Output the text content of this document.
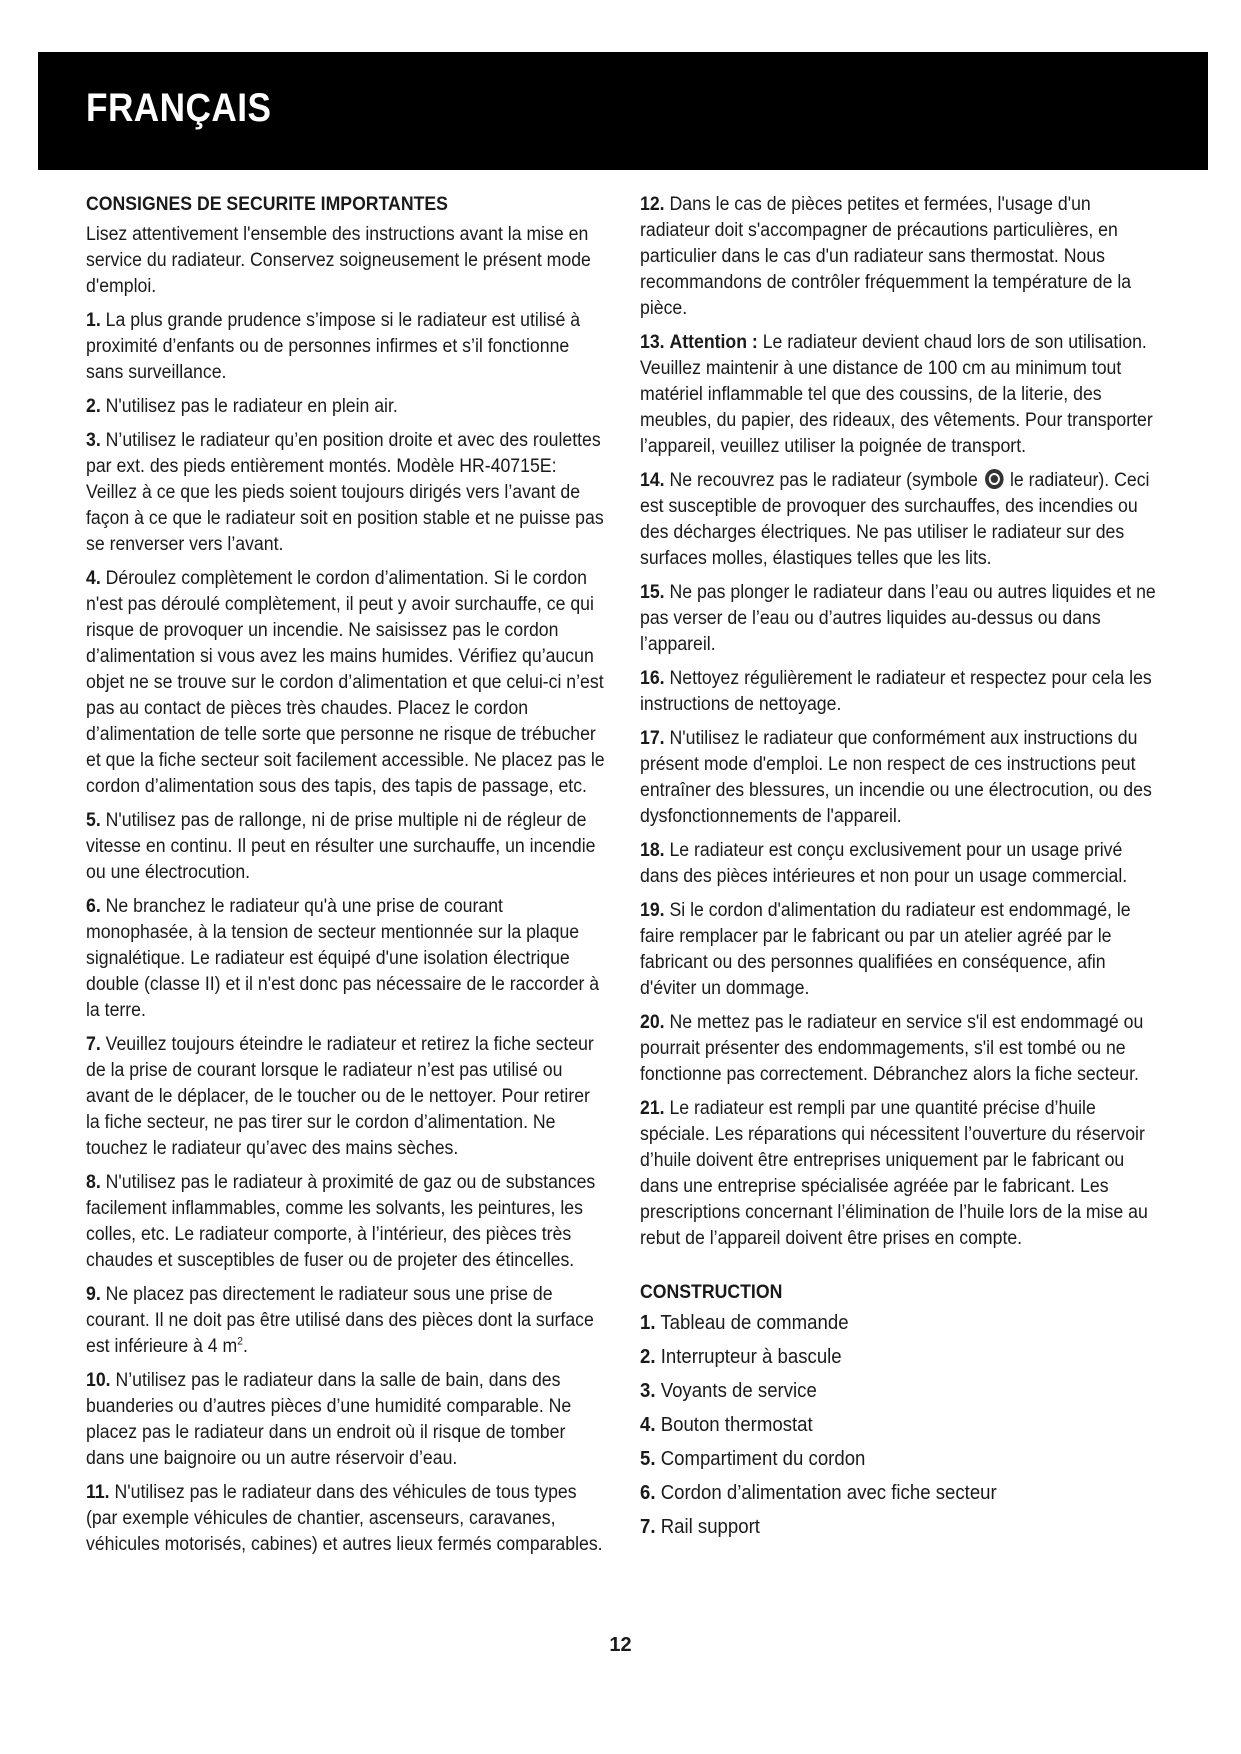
FRANÇAIS
CONSIGNES DE SECURITE IMPORTANTES

Lisez attentivement l'ensemble des instructions avant la mise en service du radiateur. Conservez soigneusement le présent mode d'emploi.

1. La plus grande prudence s’impose si le radiateur est utilisé à proximité d’enfants ou de personnes infirmes et s’il fonctionne sans surveillance.

2. N'utilisez pas le radiateur en plein air.

3. N’utilisez le radiateur qu’en position droite et avec des roulettes par ext. des pieds entièrement montés. Modèle HR-40715E: Veillez à ce que les pieds soient toujours dirigés vers l’avant de façon à ce que le radiateur soit en position stable et ne puisse pas se renverser vers l’avant.

4. Déroulez complètement le cordon d’alimentation. Si le cordon n'est pas déroulé complètement, il peut y avoir surchauffe, ce qui risque de provoquer un incendie. Ne saisissez pas le cordon d’alimentation si vous avez les mains humides. Vérifiez qu’aucun objet ne se trouve sur le cordon d’alimentation et que celui-ci n’est pas au contact de pièces très chaudes. Placez le cordon d’alimentation de telle sorte que personne ne risque de trébucher et que la fiche secteur soit facilement accessible. Ne placez pas le cordon d’alimentation sous des tapis, des tapis de passage, etc.

5. N'utilisez pas de rallonge, ni de prise multiple ni de régleur de vitesse en continu. Il peut en résulter une surchauffe, un incendie ou une électrocution.

6. Ne branchez le radiateur qu'à une prise de courant monophasée, à la tension de secteur mentionnée sur la plaque signalétique. Le radiateur est équipé d'une isolation électrique double (classe II) et il n'est donc pas nécessaire de le raccorder à la terre.

7. Veuillez toujours éteindre le radiateur et retirez la fiche secteur de la prise de courant lorsque le radiateur n’est pas utilisé ou avant de le déplacer, de le toucher ou de le nettoyer. Pour retirer la fiche secteur, ne pas tirer sur le cordon d’alimentation. Ne touchez le radiateur qu’avec des mains sèches.

8. N'utilisez pas le radiateur à proximité de gaz ou de substances facilement inflammables, comme les solvants, les peintures, les colles, etc. Le radiateur comporte, à l’intérieur, des pièces très chaudes et susceptibles de fuser ou de projeter des étincelles.

9. Ne placez pas directement le radiateur sous une prise de courant. Il ne doit pas être utilisé dans des pièces dont la surface est inférieure à 4 $m^2$.

10. N’utilisez pas le radiateur dans la salle de bain, dans des buanderies ou d’autres pièces d’une humidité comparable. Ne placez pas le radiateur dans un endroit où il risque de tomber dans une baignoire ou un autre réservoir d’eau.

11. N'utilisez pas le radiateur dans des véhicules de tous types (par exemple véhicules de chantier, ascenseurs, caravanes, véhicules motorisés, cabines) et autres lieux fermés comparables.

12. Dans le cas de pièces petites et fermées, l'usage d'un radiateur doit s'accompagner de précautions particulières, en particulier dans le cas d'un radiateur sans thermostat. Nous recommandons de contrôler fréquemment la température de la pièce.

13. Attention : Le radiateur devient chaud lors de son utilisation. Veuillez maintenir à une distance de 100 cm au minimum tout matériel inflammable tel que des coussins, de la literie, des meubles, du papier, des rideaux, des vêtements. Pour transporter l’appareil, veuillez utiliser la poignée de transport.

14. Ne recouvrez pas le radiateur (symbole le radiateur). Ceci est susceptible de provoquer des surchauffes, des incendies ou des décharges électriques. Ne pas utiliser le radiateur sur des surfaces molles, élastiques telles que les lits.

15. Ne pas plonger le radiateur dans l’eau ou autres liquides et ne pas verser de l’eau ou d’autres liquides au-dessus ou dans l’appareil.

16. Nettoyez régulièrement le radiateur et respectez pour cela les instructions de nettoyage.

17. N'utilisez le radiateur que conformément aux instructions du présent mode d'emploi. Le non respect de ces instructions peut entraîner des blessures, un incendie ou une électrocution, ou des dysfonctionnements de l'appareil.

18. Le radiateur est conçu exclusivement pour un usage privé dans des pièces intérieures et non pour un usage commercial.

19. Si le cordon d'alimentation du radiateur est endommagé, le faire remplacer par le fabricant ou par un atelier agréé par le fabricant ou des personnes qualifiées en conséquence, afin d'éviter un dommage.

20. Ne mettez pas le radiateur en service s'il est endommagé ou pourrait présenter des endommagements, s'il est tombé ou ne fonctionne pas correctement. Débranchez alors la fiche secteur.

21. Le radiateur est rempli par une quantité précise d’huile spéciale. Les réparations qui nécessitent l’ouverture du réservoir d’huile doivent être entreprises uniquement par le fabricant ou dans une entreprise spécialisée agréée par le fabricant. Les prescriptions concernant l’élimination de l’huile lors de la mise au rebut de l’appareil doivent être prises en compte.

CONSTRUCTION
1. Tableau de commande
2. Interrupteur à bascule
3. Voyants de service
4. Bouton thermostat
5. Compartiment du cordon
6. Cordon d’alimentation avec fiche secteur
7. Rail support
12
